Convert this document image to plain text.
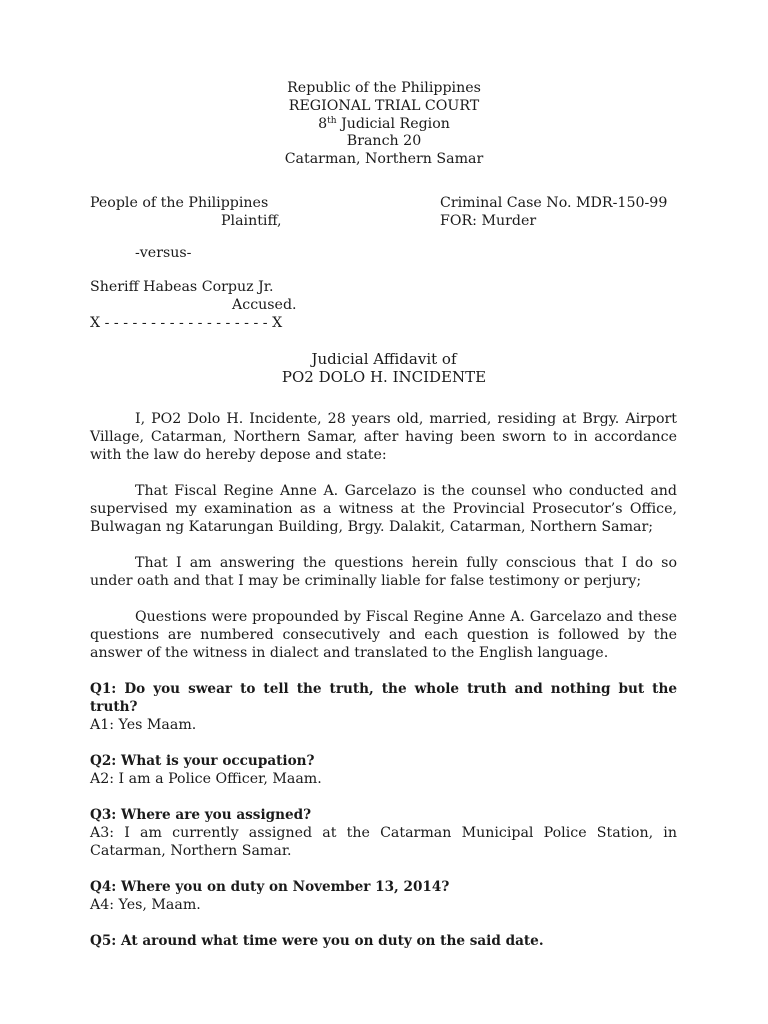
Republic of the Philippines
REGIONAL TRIAL COURT
8th Judicial Region
Branch 20
Catarman, Northern Samar
People of the Philippines
Plaintiff,
Criminal Case No. MDR-150-99
FOR: Murder
-versus-
Sheriff Habeas Corpuz Jr.
Accused.
X - - - - - - - - - - - - - - - - - - X
Judicial Affidavit of
PO2 DOLO H. INCIDENTE

I, PO2 Dolo H. Incidente, 28 years old, married, residing at Brgy. Airport Village, Catarman, Northern Samar, after having been sworn to in accordance with the law do hereby depose and state:

That Fiscal Regine Anne A. Garcelazo is the counsel who conducted and supervised my examination as a witness at the Provincial Prosecutor’s Office, Bulwagan ng Katarungan Building, Brgy. Dalakit, Catarman, Northern Samar;

That I am answering the questions herein fully conscious that I do so under oath and that I may be criminally liable for false testimony or perjury;

Questions were propounded by Fiscal Regine Anne A. Garcelazo and these questions are numbered consecutively and each question is followed by the answer of the witness in dialect and translated to the English language.

Q1: Do you swear to tell the truth, the whole truth and nothing but the truth?
A1: Yes Maam.
Q2: What is your occupation?
A2: I am a Police Officer, Maam.
Q3: Where are you assigned?
A3: I am currently assigned at the Catarman Municipal Police Station, in Catarman, Northern Samar.
Q4: Where you on duty on November 13, 2014?
A4: Yes, Maam.
Q5: At around what time were you on duty on the said date.
